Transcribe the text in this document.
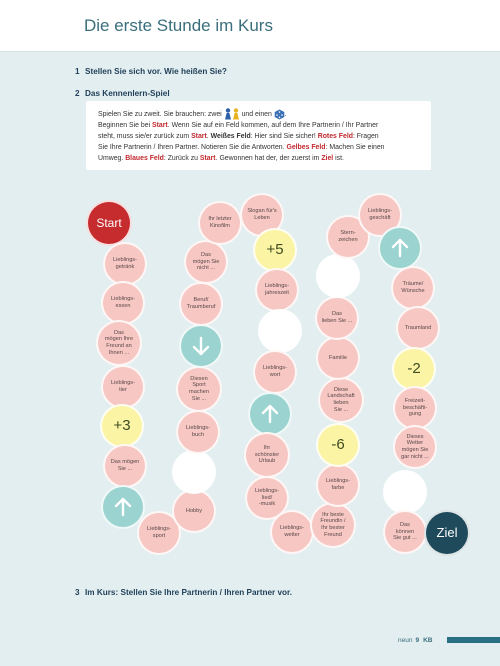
Die erste Stunde im Kurs
1 Stellen Sie sich vor. Wie heißen Sie?
2 Das Kennenlern-Spiel
Spielen Sie zu zweit. Sie brauchen: zwei	und einen .
Beginnen Sie bei Start. Wenn Sie auf ein Feld kommen, auf dem Ihre Partnerin / Ihr Partner
steht, muss sie/er zurück zum Start. Weißes Feld: Hier sind Sie sicher! Rotes Feld: Fragen
Sie Ihre Partnerin / Ihren Partner. Notieren Sie die Antworten. Gelbes Feld: Machen Sie einen
Umweg. Blaues Feld: Zurück zu Start. Gewonnen hat der, der zuerst im Ziel ist.
Start
Lieblings-
getränk
Lieblings-
essen
Das
mögen Ihre
Freund an
Ihnen ...
Lieblings-
tier
+3
Das mögen
Sie ...
Lieblings-
sport
Hobby
Lieblings-
buch
Diesen
Sport
machen
Sie ...
Beruf/
Traumberuf
Das
mögen Sie
nicht ...
Ihr letzter
Kinofilm
Slogan für's
Leben
+5
Lieblings-
jahreszeit
Lieblings-
wort
Ihr
schönster
Urlaub
Lieblings-
lied/
-musik
Lieblings-
wetter
Ihr beste
Freundin /
Ihr bester
Freund
Lieblings-
farbe
-6
Diese
Landschaft
lieben
Sie ...
Familie
Das
lieben Sie ...
Stern-
zeichen
Lieblings-
geschäft
Träume/
Wünsche
Traumland
-2
Freizeit-
beschäfti-
gung
Dieses
Wetter
mögen Sie
gar nicht ...
Das
können
Sie gut ...	Ziel
3 Im Kurs: Stellen Sie Ihre Partnerin / Ihren Partner vor.
neun 9 KB
